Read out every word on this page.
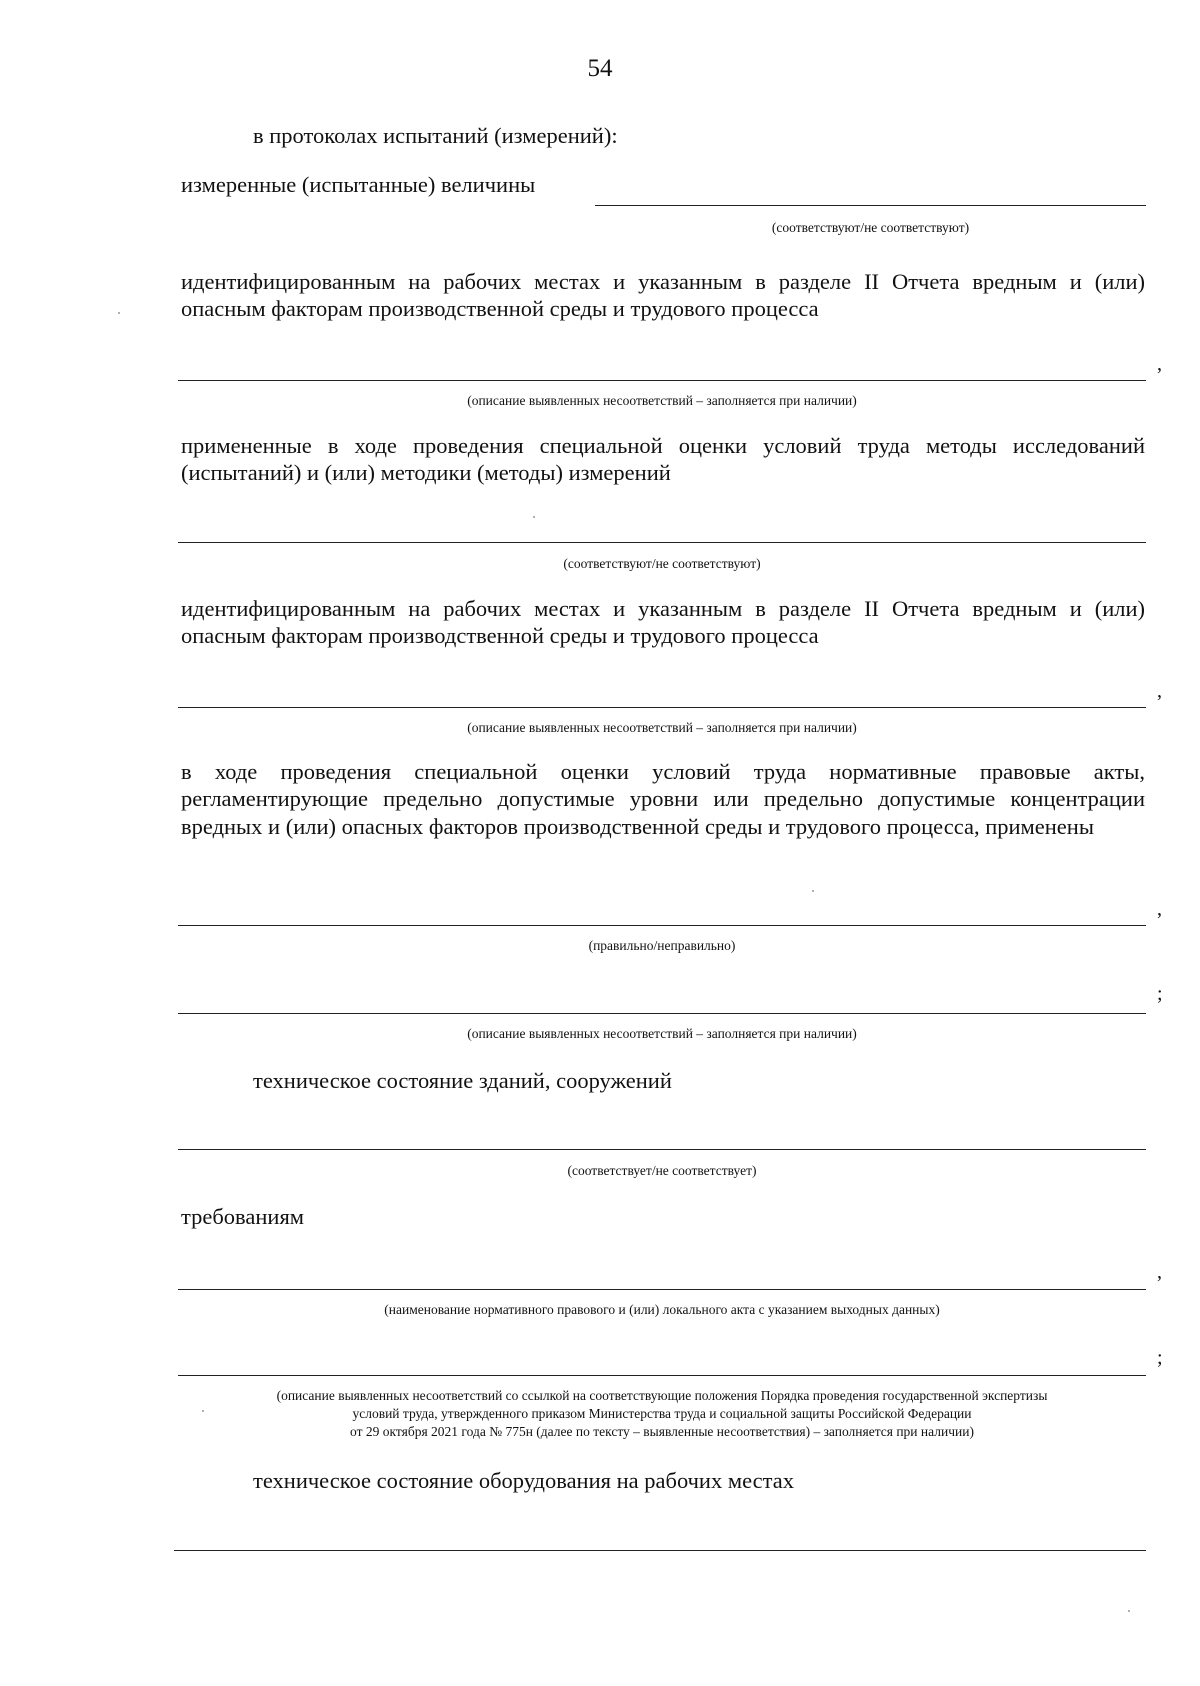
54
в протоколах испытаний (измерений):
измеренные (испытанные) величины
(соответствуют/не соответствуют)
идентифицированным на рабочих местах и указанным в разделе II Отчета вредным и (или) опасным факторам производственной среды и трудового процесса
,
(описание выявленных несоответствий – заполняется при наличии)
примененные в ходе проведения специальной оценки условий труда методы исследований (испытаний) и (или) методики (методы) измерений
(соответствуют/не соответствуют)
идентифицированным на рабочих местах и указанным в разделе II Отчета вредным и (или) опасным факторам производственной среды и трудового процесса
,
(описание выявленных несоответствий – заполняется при наличии)
в ходе проведения специальной оценки условий труда нормативные правовые акты, регламентирующие предельно допустимые уровни или предельно допустимые концентрации вредных и (или) опасных факторов производственной среды и трудового процесса, применены
,
(правильно/неправильно)
;
(описание выявленных несоответствий – заполняется при наличии)
техническое состояние зданий, сооружений
(соответствует/не соответствует)
требованиям
,
(наименование нормативного правового и (или) локального акта с указанием выходных данных)
;
(описание выявленных несоответствий со ссылкой на соответствующие положения Порядка проведения государственной экспертизы
условий труда, утвержденного приказом Министерства труда и социальной защиты Российской Федерации
от 29 октября 2021 года № 775н (далее по тексту – выявленные несоответствия) – заполняется при наличии)
техническое состояние оборудования на рабочих местах
